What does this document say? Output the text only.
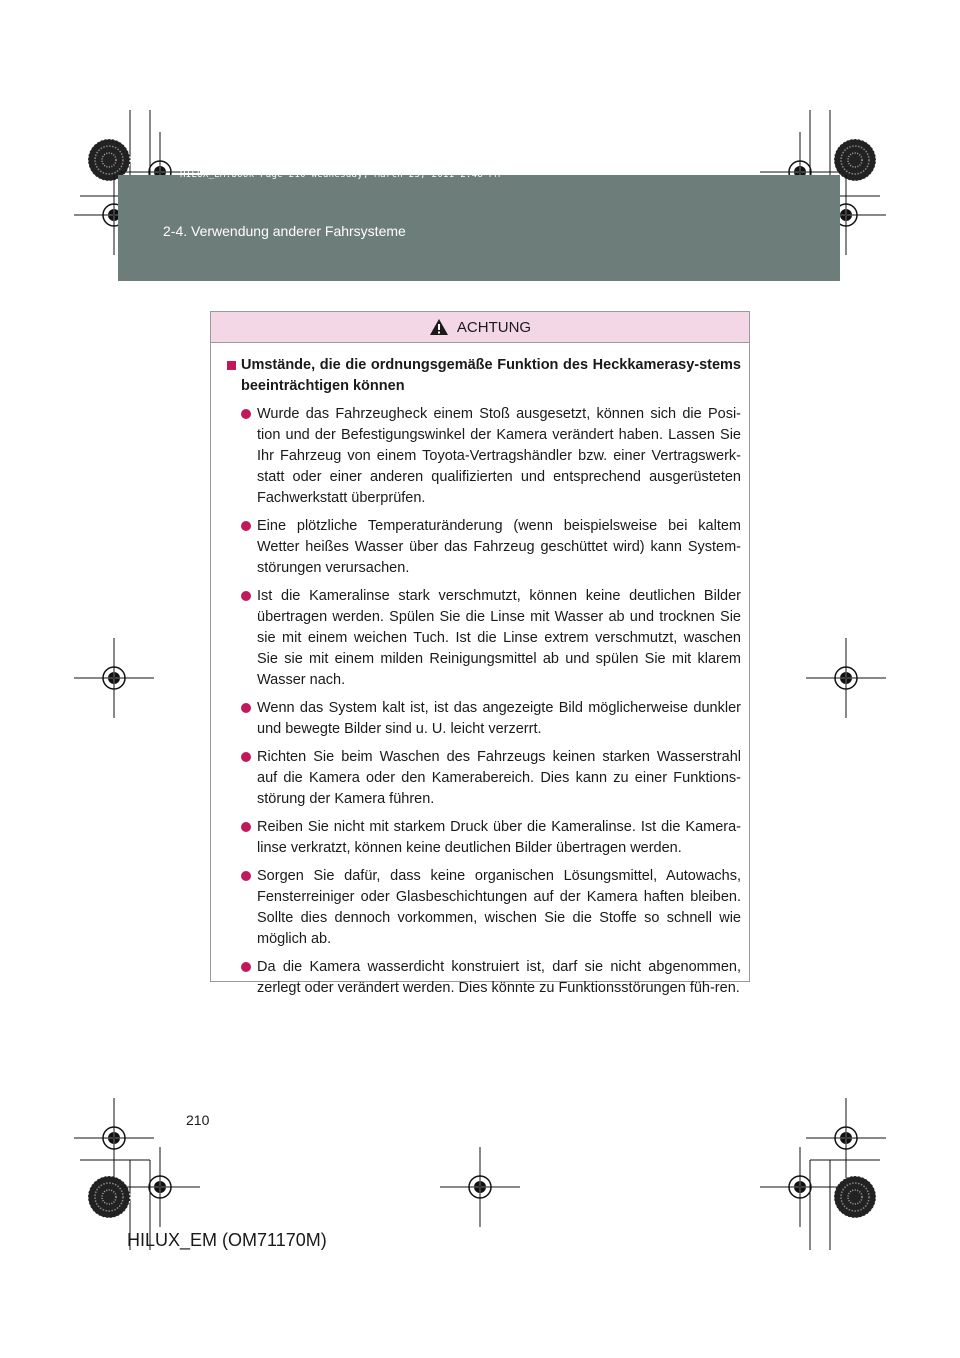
HILUX_EM.book Page 210 Wednesday, March 23, 2011 2:48 PM
2-4. Verwendung anderer Fahrsysteme
ACHTUNG
Umstände, die die ordnungsgemäße Funktion des Heckkamerasy-stems beeinträchtigen können
Wurde das Fahrzeugheck einem Stoß ausgesetzt, können sich die Posi-tion und der Befestigungswinkel der Kamera verändert haben. Lassen Sie Ihr Fahrzeug von einem Toyota-Vertragshändler bzw. einer Vertragswerk-statt oder einer anderen qualifizierten und entsprechend ausgerüsteten Fachwerkstatt überprüfen.
Eine plötzliche Temperaturänderung (wenn beispielsweise bei kaltem Wetter heißes Wasser über das Fahrzeug geschüttet wird) kann System-störungen verursachen.
Ist die Kameralinse stark verschmutzt, können keine deutlichen Bilder übertragen werden. Spülen Sie die Linse mit Wasser ab und trocknen Sie sie mit einem weichen Tuch. Ist die Linse extrem verschmutzt, waschen Sie sie mit einem milden Reinigungsmittel ab und spülen Sie mit klarem Wasser nach.
Wenn das System kalt ist, ist das angezeigte Bild möglicherweise dunkler und bewegte Bilder sind u. U. leicht verzerrt.
Richten Sie beim Waschen des Fahrzeugs keinen starken Wasserstrahl auf die Kamera oder den Kamerabereich. Dies kann zu einer Funktions-störung der Kamera führen.
Reiben Sie nicht mit starkem Druck über die Kameralinse. Ist die Kamera-linse verkratzt, können keine deutlichen Bilder übertragen werden.
Sorgen Sie dafür, dass keine organischen Lösungsmittel, Autowachs, Fensterreiniger oder Glasbeschichtungen auf der Kamera haften bleiben. Sollte dies dennoch vorkommen, wischen Sie die Stoffe so schnell wie möglich ab.
Da die Kamera wasserdicht konstruiert ist, darf sie nicht abgenommen, zerlegt oder verändert werden. Dies könnte zu Funktionsstörungen füh-ren.
210
HILUX_EM (OM71170M)
